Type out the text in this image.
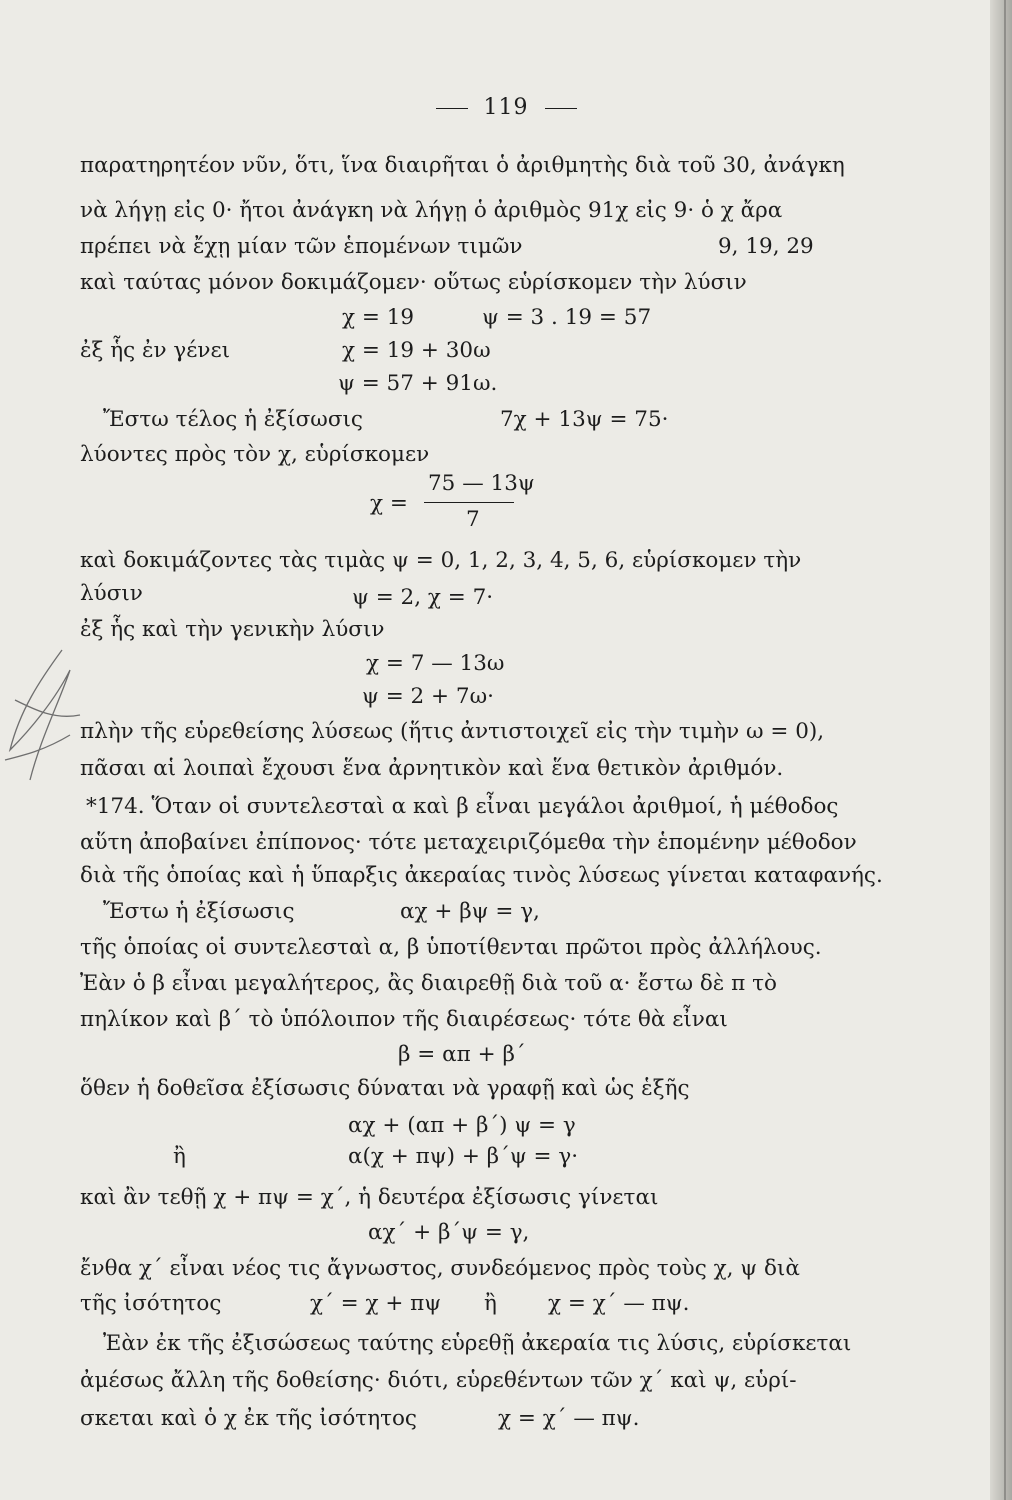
119
παρατηρητέον νῦν, ὅτι, ἵνα διαιρῆται ὁ ἀριθμητὴς διὰ τοῦ 30, ἀνάγκη
νὰ λήγῃ εἰς 0· ἤτοι ἀνάγκη νὰ λήγῃ ὁ ἀριθμὸς 91χ εἰς 9· ὁ χ ἄρα
πρέπει νὰ ἔχῃ μίαν τῶν ἑπομένων τιμῶν	9, 19, 29
καὶ ταύτας μόνον δοκιμάζομεν· οὕτως εὑρίσκομεν τὴν λύσιν
χ = 19	ψ = 3 . 19 = 57
ἐξ ἧς ἐν γένει	χ = 19 + 30ω
ψ = 57 + 91ω.
Ἔστω τέλος ἡ ἐξίσωσις	7χ + 13ψ = 75·
λύοντες πρὸς τὸν χ, εὑρίσκομεν
75 — 13ψ
χ =
7
καὶ δοκιμάζοντες τὰς τιμὰς ψ = 0, 1, 2, 3, 4, 5, 6, εὑρίσκομεν τὴν
λύσιν	ψ = 2, χ = 7·
ἐξ ἧς καὶ τὴν γενικὴν λύσιν
χ = 7 — 13ω
ψ = 2 + 7ω·
πλὴν τῆς εὑρεθείσης λύσεως (ἥτις ἀντιστοιχεῖ εἰς τὴν τιμὴν ω = 0),
πᾶσαι αἱ λοιπαὶ ἔχουσι ἕνα ἀρνητικὸν καὶ ἕνα θετικὸν ἀριθμόν.
*174. Ὅταν οἱ συντελεσταὶ α καὶ β εἶναι μεγάλοι ἀριθμοί, ἡ μέθοδος
αὕτη ἀποβαίνει ἐπίπονος· τότε μεταχειριζόμεθα τὴν ἑπομένην μέθοδον
διὰ τῆς ὁποίας καὶ ἡ ὕπαρξις ἀκεραίας τινὸς λύσεως γίνεται καταφανής.
Ἔστω ἡ ἐξίσωσις	αχ + βψ = γ,
τῆς ὁποίας οἱ συντελεσταὶ α, β ὑποτίθενται πρῶτοι πρὸς ἀλλήλους.
Ἐὰν ὁ β εἶναι μεγαλήτερος, ἂς διαιρεθῇ διὰ τοῦ α· ἔστω δὲ π τὸ
πηλίκον καὶ β΄ τὸ ὑπόλοιπον τῆς διαιρέσεως· τότε θὰ εἶναι
β = απ + β΄
ὅθεν ἡ δοθεῖσα ἐξίσωσις δύναται νὰ γραφῇ καὶ ὡς ἑξῆς
αχ + (απ + β΄) ψ = γ
ἢ	α(χ + πψ) + β΄ψ = γ·
καὶ ἂν τεθῇ χ + πψ = χ΄, ἡ δευτέρα ἐξίσωσις γίνεται
αχ΄ + β΄ψ = γ,
ἔνθα χ΄ εἶναι νέος τις ἄγνωστος, συνδεόμενος πρὸς τοὺς χ, ψ διὰ
τῆς ἰσότητος	χ΄ = χ + πψ ἢ χ = χ΄ — πψ.
Ἐὰν ἐκ τῆς ἐξισώσεως ταύτης εὑρεθῇ ἀκεραία τις λύσις, εὑρίσκεται
ἀμέσως ἄλλη τῆς δοθείσης· διότι, εὑρεθέντων τῶν χ΄ καὶ ψ, εὑρί-
σκεται καὶ ὁ χ ἐκ τῆς ἰσότητος	χ = χ΄ — πψ.
